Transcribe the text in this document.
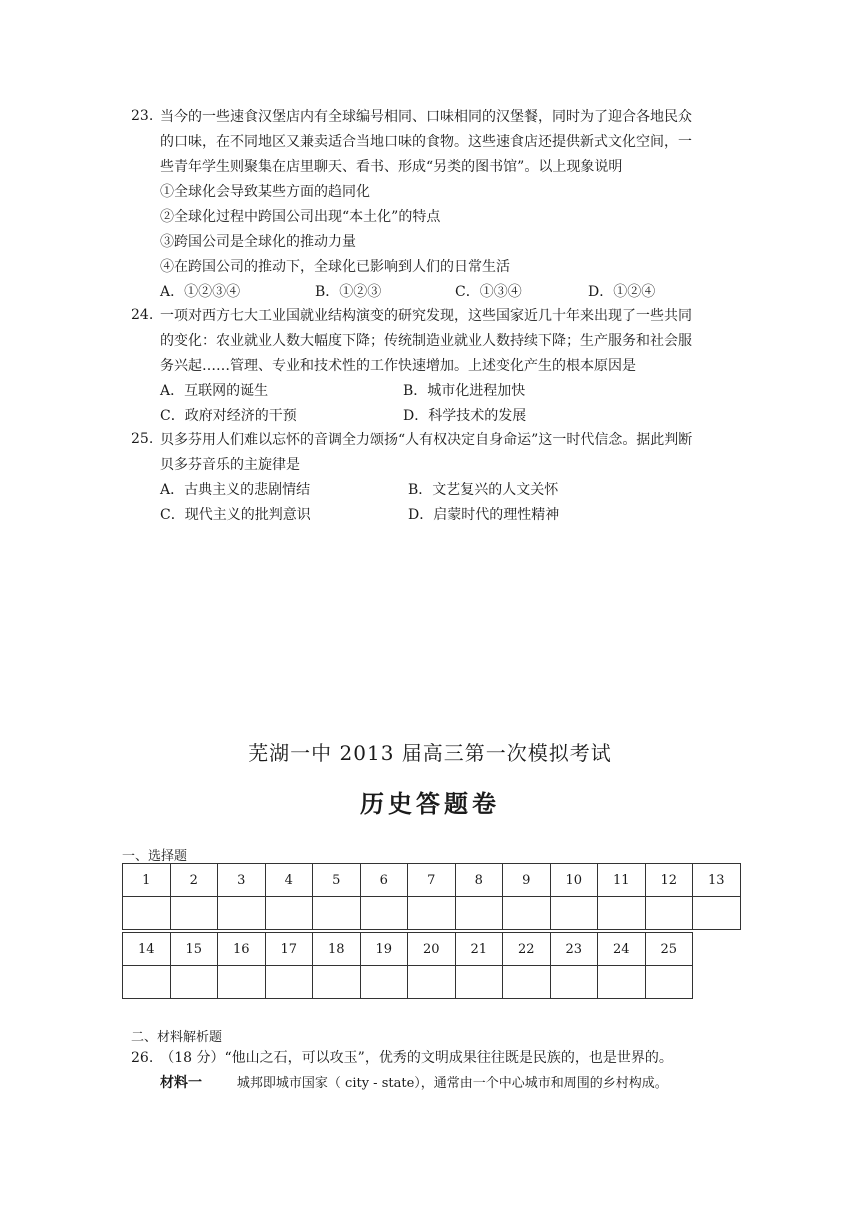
23. 当今的一些速食汉堡店内有全球编号相同、口味相同的汉堡餐，同时为了迎合各地民众
的口味，在不同地区又兼卖适合当地口味的食物。这些速食店还提供新式文化空间，一
些青年学生则聚集在店里聊天、看书、形成“另类的图书馆”。以上现象说明
①全球化会导致某些方面的趋同化
②全球化过程中跨国公司出现“本土化”的特点
③跨国公司是全球化的推动力量
④在跨国公司的推动下，全球化已影响到人们的日常生活
A．①②③④	B．①②③	C．①③④	D．①②④
24. 一项对西方七大工业国就业结构演变的研究发现，这些国家近几十年来出现了一些共同
的变化：农业就业人数大幅度下降；传统制造业就业人数持续下降；生产服务和社会服
务兴起……管理、专业和技术性的工作快速增加。上述变化产生的根本原因是
A．互联网的诞生	B．城市化进程加快
C．政府对经济的干预	D．科学技术的发展
25. 贝多芬用人们难以忘怀的音调全力颂扬“人有权决定自身命运”这一时代信念。据此判断
贝多芬音乐的主旋律是
A．古典主义的悲剧情结	B．文艺复兴的人文关怀
C．现代主义的批判意识	D．启蒙时代的理性精神
芜湖一中 2013 届高三第一次模拟考试
历史答题卷
一、选择题
1	2	3	4	5	6	7	8	9	10	11	12	13

14	15	16	17	18	19	20	21	22	23	24	25

二、材料解析题
26.　（18 分）“他山之石，可以攻玉”，优秀的文明成果往往既是民族的，也是世界的。
材料一	城邦即城市国家（ city - state），通常由一个中心城市和周围的乡村构成。
